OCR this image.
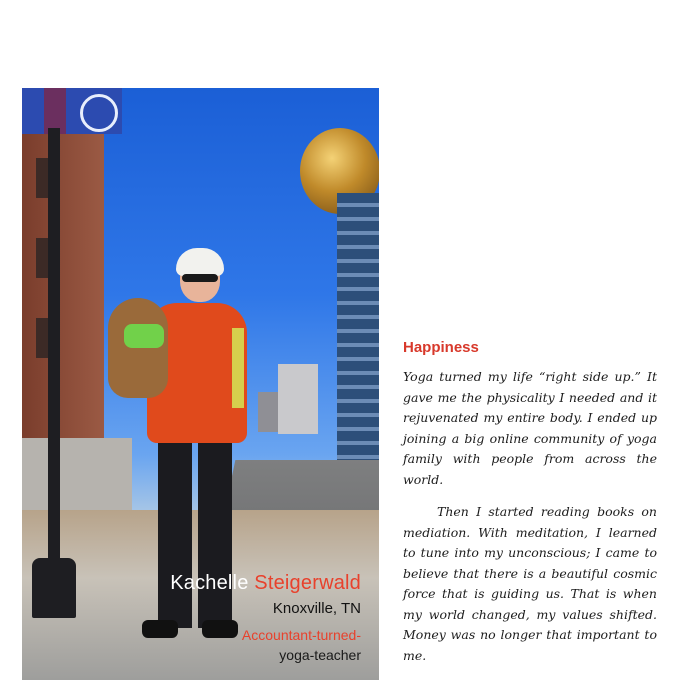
Kachelle Steigerwald
Knoxville, TN
Accountant-turned-
yoga-teacher
Happiness

Yoga turned my life “right side up.” It gave me the physicality I needed and it rejuvenated my entire body. I ended up joining a big online community of yoga family with people from across the world.

Then I started reading books on mediation. With meditation, I learned to tune into my unconscious; I came to believe that there is a beautiful cosmic force that is guiding us. That is when my world changed, my values shifted. Money was no longer that important to me.
